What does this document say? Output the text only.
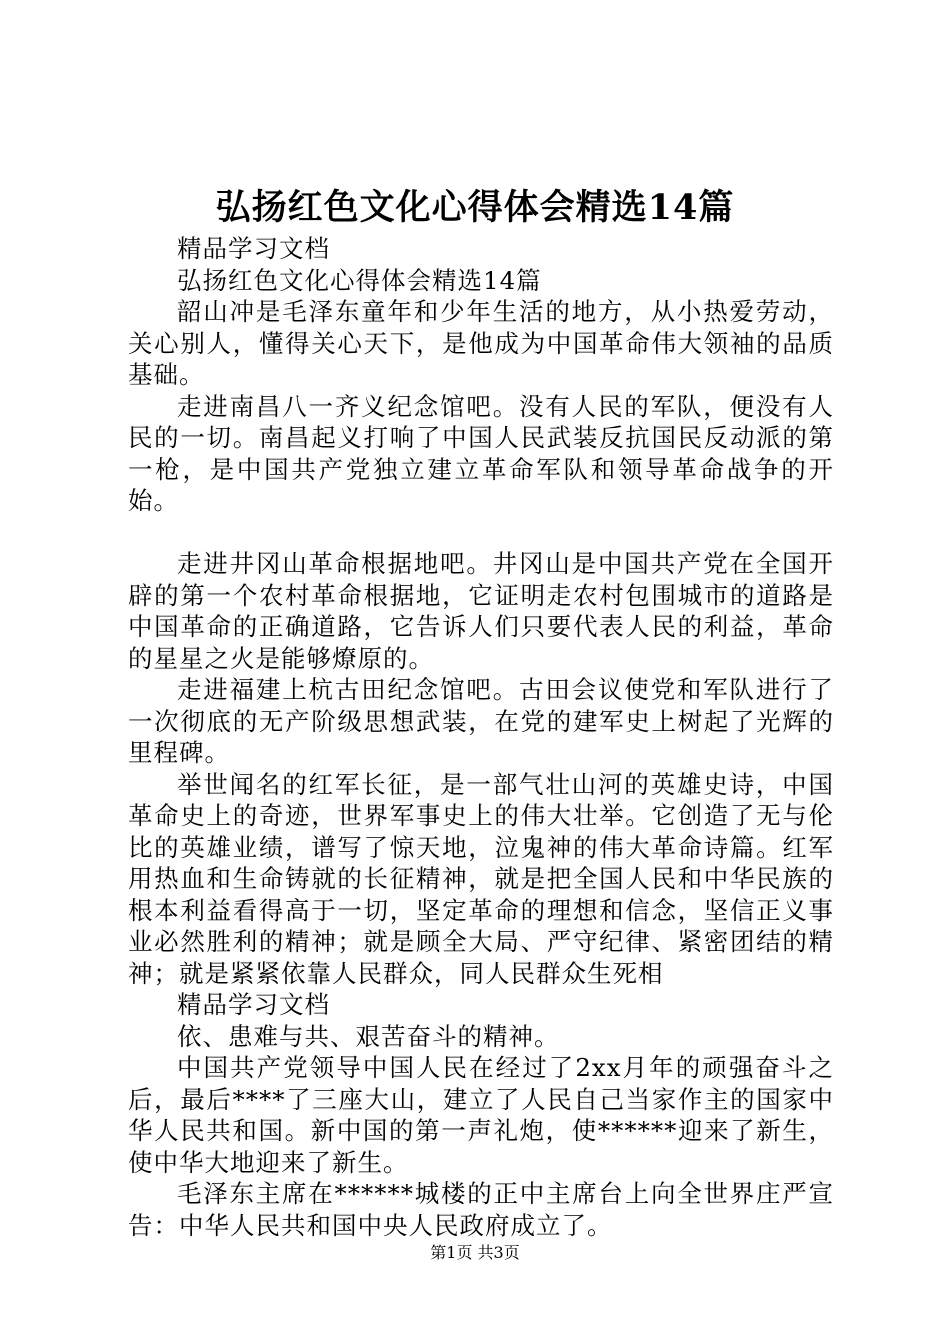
弘扬红色文化心得体会精选14篇

精品学习文档

弘扬红色文化心得体会精选14篇

韶山冲是毛泽东童年和少年生活的地方，从小热爱劳动，关心别人，懂得关心天下，是他成为中国革命伟大领袖的品质基础。

走进南昌八一齐义纪念馆吧。没有人民的军队，便没有人民的一切。南昌起义打响了中国人民武装反抗国民反动派的第一枪，是中国共产党独立建立革命军队和领导革命战争的开始。

走进井冈山革命根据地吧。井冈山是中国共产党在全国开辟的第一个农村革命根据地，它证明走农村包围城市的道路是中国革命的正确道路，它告诉人们只要代表人民的利益，革命的星星之火是能够燎原的。

走进福建上杭古田纪念馆吧。古田会议使党和军队进行了一次彻底的无产阶级思想武装，在党的建军史上树起了光辉的里程碑。

举世闻名的红军长征，是一部气壮山河的英雄史诗，中国革命史上的奇迹，世界军事史上的伟大壮举。它创造了无与伦比的英雄业绩，谱写了惊天地，泣鬼神的伟大革命诗篇。红军用热血和生命铸就的长征精神，就是把全国人民和中华民族的根本利益看得高于一切，坚定革命的理想和信念，坚信正义事业必然胜利的精神；就是顾全大局、严守纪律、紧密团结的精神；就是紧紧依靠人民群众，同人民群众生死相

精品学习文档

依、患难与共、艰苦奋斗的精神。

中国共产党领导中国人民在经过了2xx月年的顽强奋斗之后，最后****了三座大山，建立了人民自己当家作主的国家中华人民共和国。新中国的第一声礼炮，使******迎来了新生，使中华大地迎来了新生。

毛泽东主席在******城楼的正中主席台上向全世界庄严宣告：中华人民共和国中央人民政府成立了。

第1页 共3页
